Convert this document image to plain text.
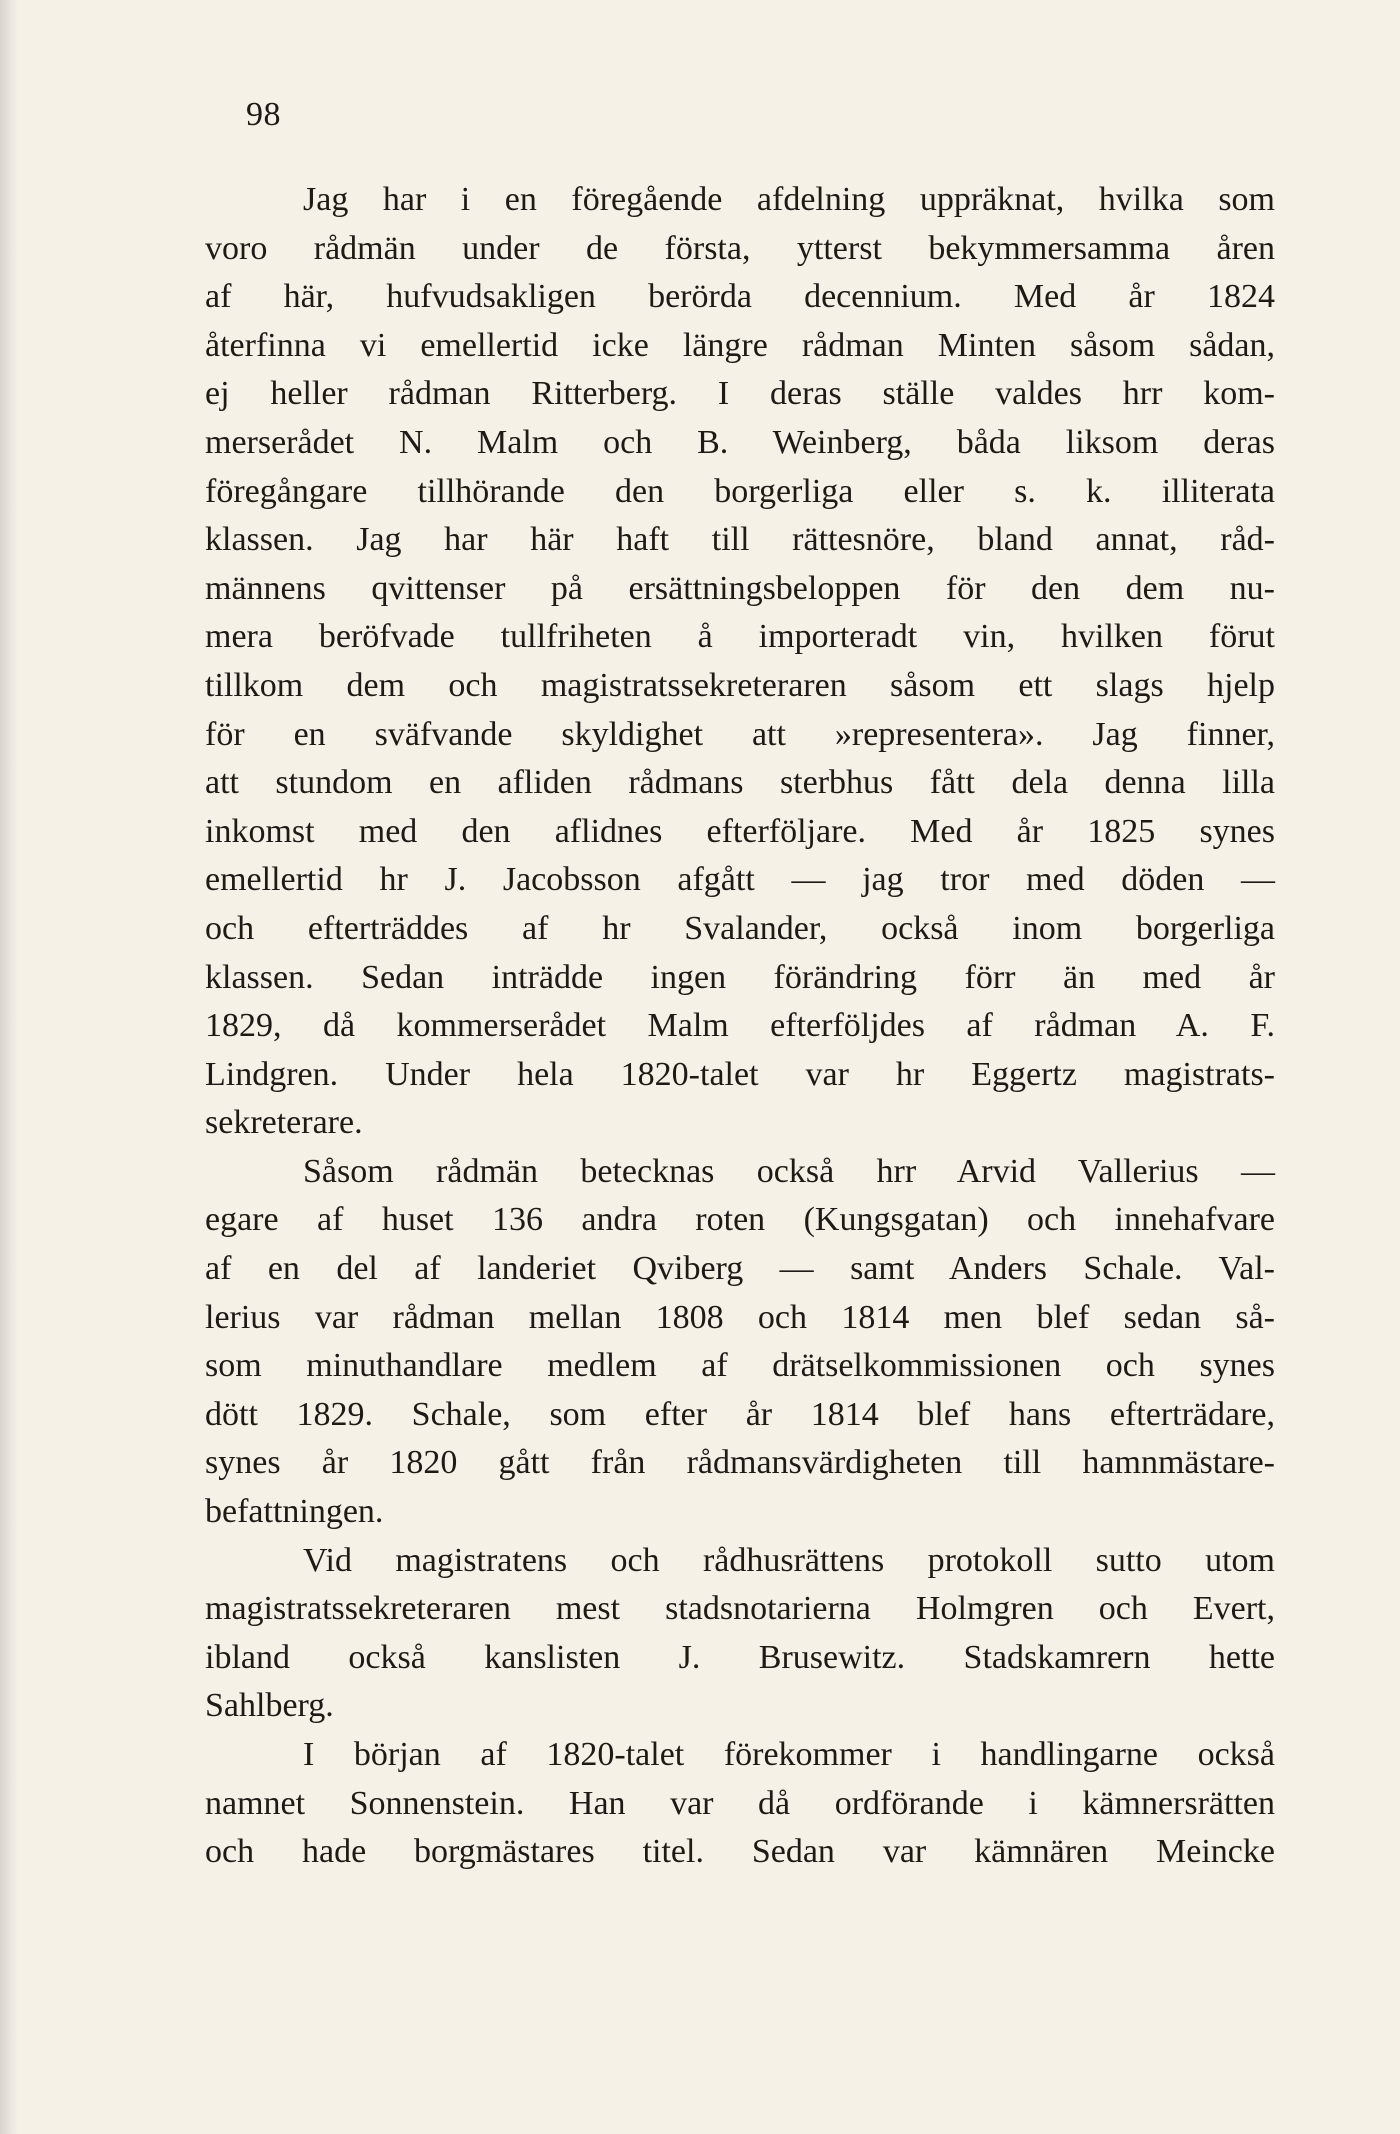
98
Jag har i en föregående afdelning uppräknat, hvilka som
voro rådmän under de första, ytterst bekymmersamma åren
af här, hufvudsakligen berörda decennium. Med år 1824
återfinna vi emellertid icke längre rådman Minten såsom sådan,
ej heller rådman Ritterberg. I deras ställe valdes hrr kom-
merserådet N. Malm och B. Weinberg, båda liksom deras
föregångare tillhörande den borgerliga eller s. k. illiterata
klassen. Jag har här haft till rättesnöre, bland annat, råd-
männens qvittenser på ersättningsbeloppen för den dem nu-
mera beröfvade tullfriheten å importeradt vin, hvilken förut
tillkom dem och magistratssekreteraren såsom ett slags hjelp
för en sväfvande skyldighet att »representera». Jag finner,
att stundom en afliden rådmans sterbhus fått dela denna lilla
inkomst med den aflidnes efterföljare. Med år 1825 synes
emellertid hr J. Jacobsson afgått — jag tror med döden —
och efterträddes af hr Svalander, också inom borgerliga
klassen. Sedan inträdde ingen förändring förr än med år
1829, då kommerserådet Malm efterföljdes af rådman A. F.
Lindgren. Under hela 1820-talet var hr Eggertz magistrats-
sekreterare.
Såsom rådmän betecknas också hrr Arvid Vallerius —
egare af huset 136 andra roten (Kungsgatan) och innehafvare
af en del af landeriet Qviberg — samt Anders Schale. Val-
lerius var rådman mellan 1808 och 1814 men blef sedan så-
som minuthandlare medlem af drätselkommissionen och synes
dött 1829. Schale, som efter år 1814 blef hans efterträdare,
synes år 1820 gått från rådmansvärdigheten till hamnmästare-
befattningen.
Vid magistratens och rådhusrättens protokoll sutto utom
magistratssekreteraren mest stadsnotarierna Holmgren och Evert,
ibland också kanslisten J. Brusewitz. Stadskamrern hette
Sahlberg.
I början af 1820-talet förekommer i handlingarne också
namnet Sonnenstein. Han var då ordförande i kämnersrätten
och hade borgmästares titel. Sedan var kämnären Meincke
